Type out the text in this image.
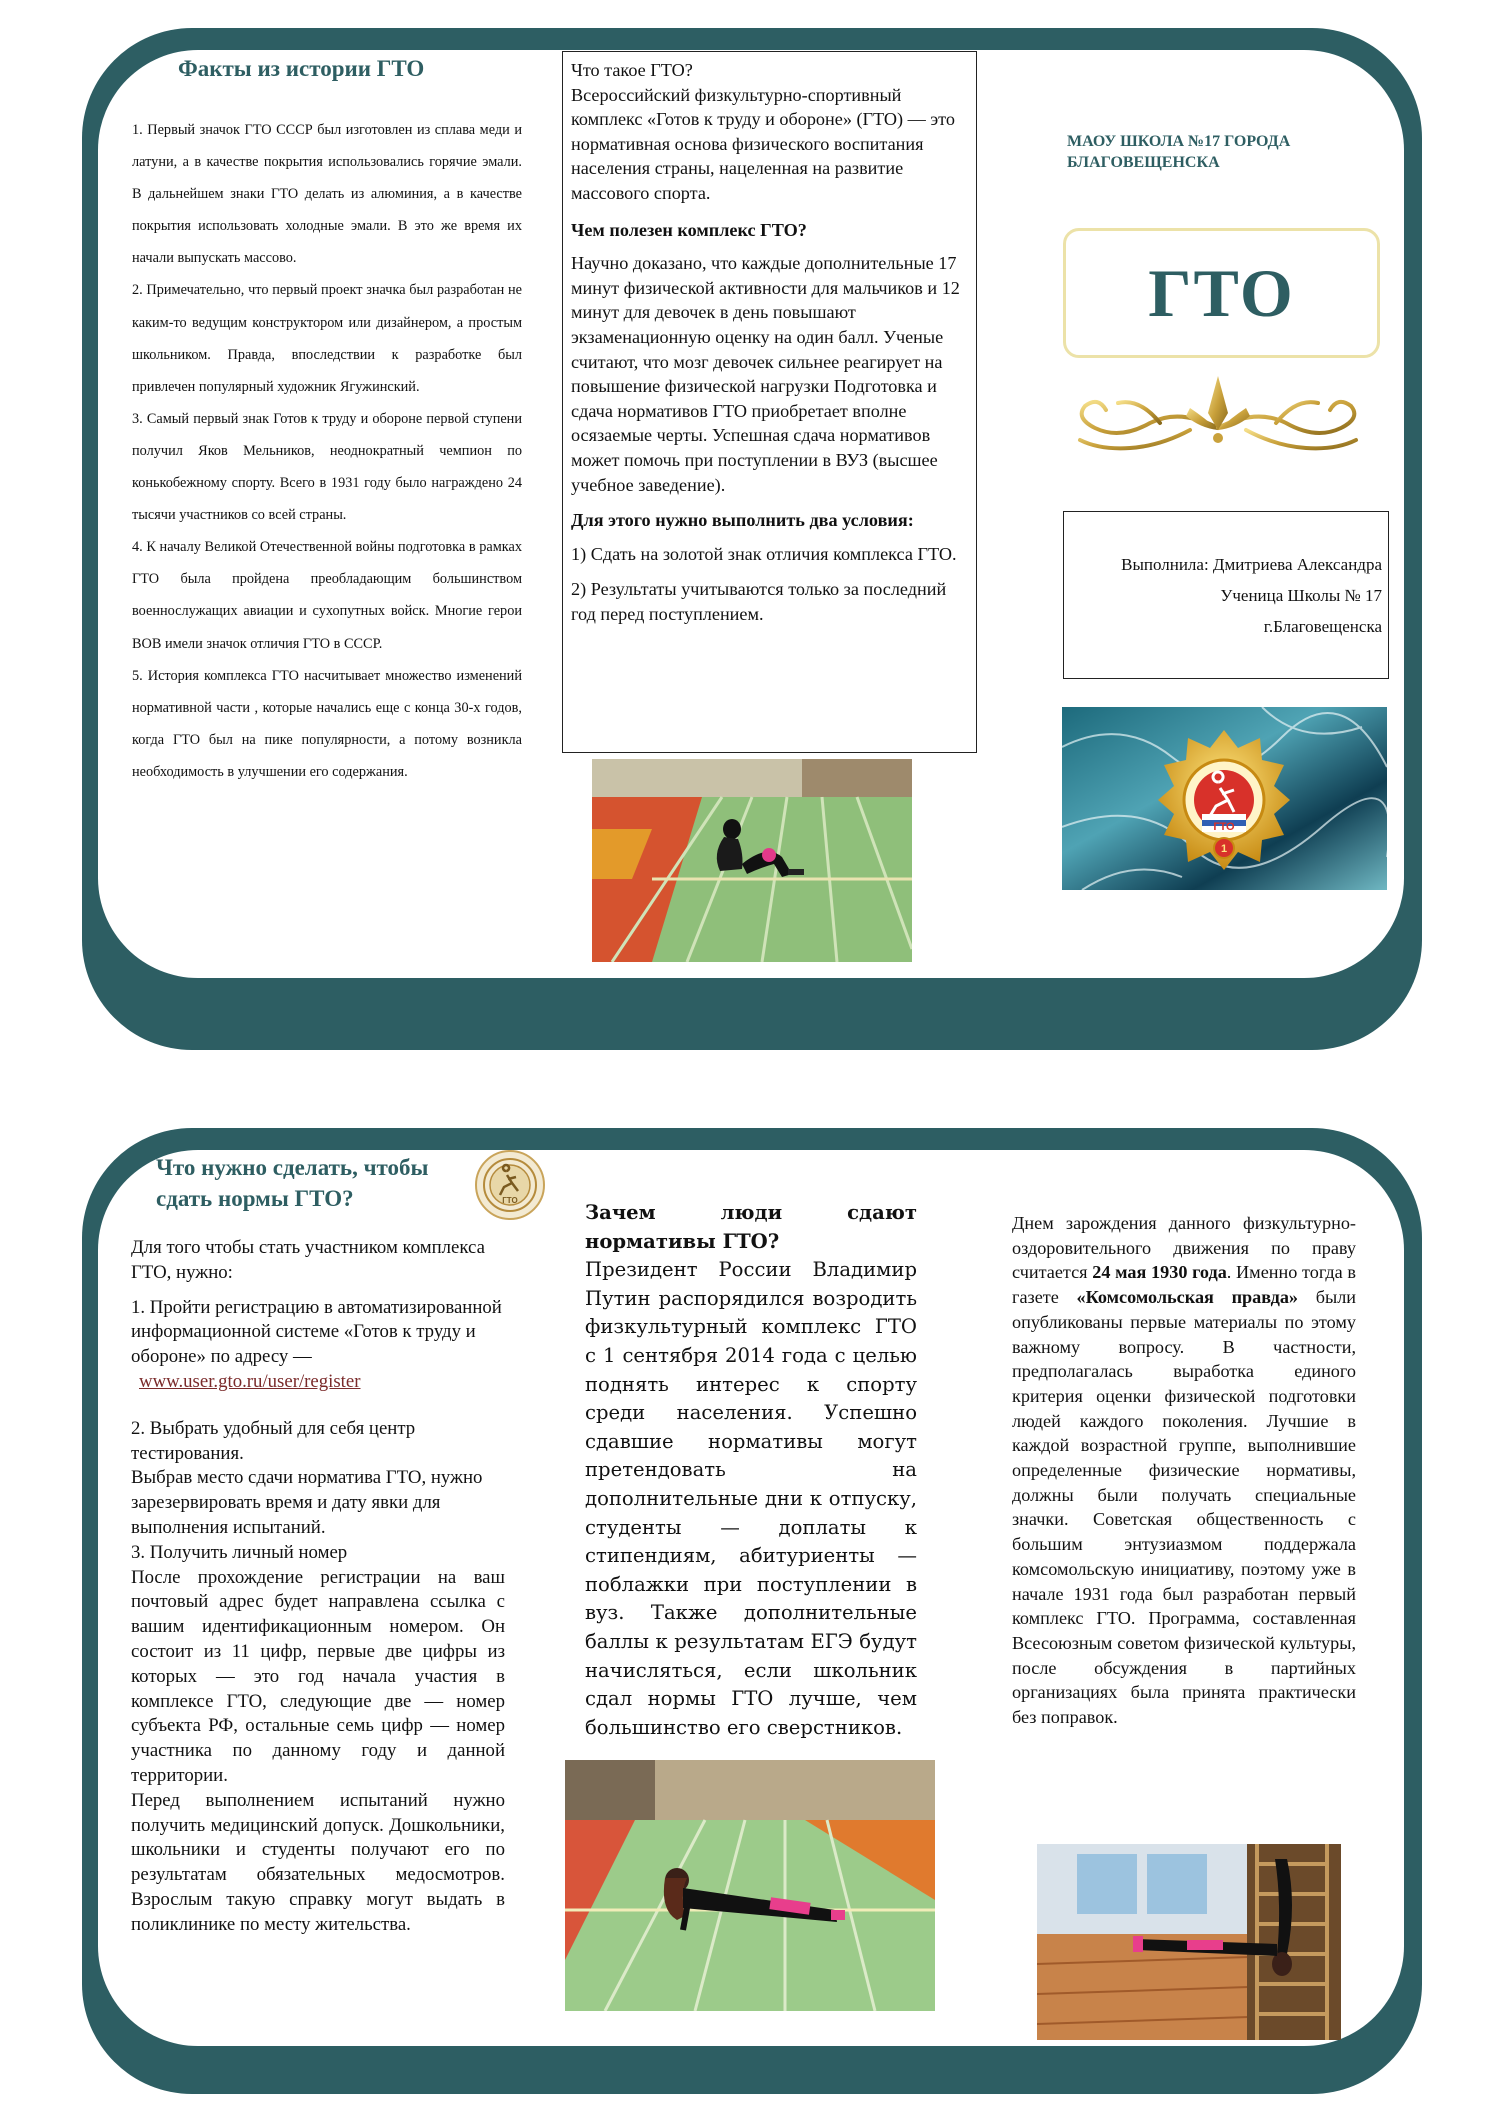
Факты из истории ГТО

1. Первый значок ГТО СССР был изготовлен из сплава меди и латуни, а в качестве покрытия использовались горячие эмали. В дальнейшем знаки ГТО делать из алюминия, а в качестве покрытия использовать холодные эмали. В это же время их начали выпускать массово.

2. Примечательно, что первый проект значка был разработан не каким-то ведущим конструктором или дизайнером, а простым школьником. Правда, впоследствии к разработке был привлечен популярный художник Ягужинский.

3. Самый первый знак Готов к труду и обороне первой ступени получил Яков Мельников, неоднократный чемпион по конькобежному спорту. Всего в 1931 году было награждено 24 тысячи участников со всей страны.

4. К началу Великой Отечественной войны подготовка в рамках ГТО была пройдена преобладающим большинством военнослужащих авиации и сухопутных войск. Многие герои ВОВ имели значок отличия ГТО в СССР.

5. История комплекса ГТО насчитывает множество изменений нормативной части , которые начались еще с конца 30-х годов, когда ГТО был на пике популярности, а потому возникла необходимость в улучшении его содержания.

Что такое ГТО?
Всероссийский физкультурно-спортивный комплекс «Готов к труду и обороне» (ГТО) — это нормативная основа физического воспитания населения страны, нацеленная на развитие массового спорта.

Чем полезен комплекс ГТО?

Научно доказано, что каждые дополнительные 17 минут физической активности для мальчиков и 12 минут для девочек в день повышают экзаменационную оценку на один балл. Ученые считают, что мозг девочек сильнее реагирует на повышение физической нагрузки Подготовка и сдача нормативов ГТО приобретает вполне осязаемые черты. Успешная сдача нормативов может помочь при поступлении в ВУЗ (высшее учебное заведение).

Для этого нужно выполнить два условия:

1) Сдать на золотой знак отличия комплекса ГТО.

2) Результаты учитываются только за последний год перед поступлением.

МАОУ ШКОЛА №17 ГОРОДА БЛАГОВЕЩЕНСКА
ГТО
Выполнила: Дмитриева Александра
Ученица Школы № 17
г.Благовещенска
ГТО
1
Что нужно сделать, чтобы сдать нормы ГТО?	ГТО

Для того чтобы стать участником комплекса ГТО, нужно:

1. Пройти регистрацию в автоматизированной информационной системе «Готов к труду и обороне» по адресу —

www.user.gto.ru/user/register

2. Выбрать удобный для себя центр тестирования.

Выбрав место сдачи норматива ГТО, нужно зарезервировать время и дату явки для выполнения испытаний.

3. Получить личный номер

После прохождение регистрации на ваш почтовый адрес будет направлена ссылка с вашим идентификационным номером. Он состоит из 11 цифр, первые две цифры из которых — это год начала участия в комплексе ГТО, следующие две — номер субъекта РФ, остальные семь цифр — номер участника по данному году и данной территории.

Перед выполнением испытаний нужно получить медицинский допуск. Дошкольники, школьники и студенты получают его по результатам обязательных медосмотров. Взрослым такую справку могут выдать в поликлинике по месту жительства.

Зачем люди сдают нормативы ГТО?
Президент России Владимир Путин распорядился возродить физкультурный комплекс ГТО с 1 сентября 2014 года с целью поднять интерес к спорту среди населения. Успешно сдавшие нормативы могут претендовать на дополнительные дни к отпуску, студенты — доплаты к стипендиям, абитуриенты — поблажки при поступлении в вуз. Также дополнительные баллы к результатам ЕГЭ будут начисляться, если школьник сдал нормы ГТО лучше, чем большинство его сверстников.
Днем зарождения данного физкультурно-оздоровительного движения по праву считается 24 мая 1930 года. Именно тогда в газете «Комсомольская правда» были опубликованы первые материалы по этому важному вопросу. В частности, предполагалась выработка единого критерия оценки физической подготовки людей каждого поколения. Лучшие в каждой возрастной группе, выполнившие определенные физические нормативы, должны были получать специальные значки. Советская общественность с большим энтузиазмом поддержала комсомольскую инициативу, поэтому уже в начале 1931 года был разработан первый комплекс ГТО. Программа, составленная Всесоюзным советом физической культуры, после обсуждения в партийных организациях была принята практически без поправок.
